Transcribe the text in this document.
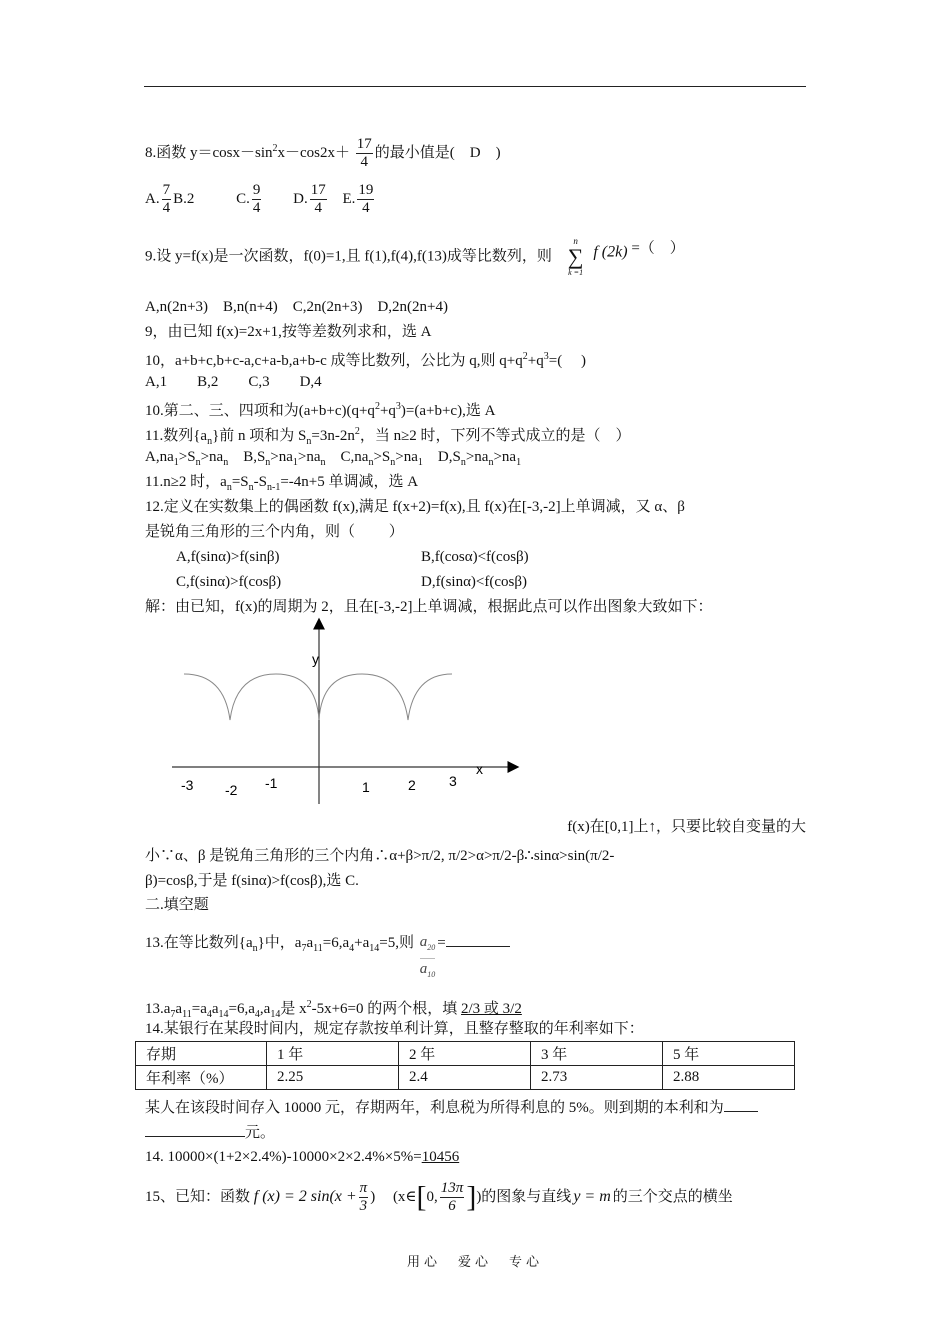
8.函数 $y=\cos x-\sin^2x-\cos 2x+ \frac{17}{4}$ 的最小值是(　D　)
A. $\frac{7}{4} B.2$	C. $\frac{9}{4} D$. $\frac{17}{4} E$. $\frac{19}{4}$
9.设 y=f(x)是一次函数，f(0)=1,且 f(1),f(4),f(13)成等比数列，则
n
∑
k =1
f (2k) =（　）
A,n(2n+3)　B,n(n+4)　C,2n(2n+3)　D,2n(2n+4)
9，由已知 f(x)=2x+1,按等差数列求和，选 A
10，a+b+c,b+c-a,c+a-b,a+b-c 成等比数列，公比为 q,则 $q+q^2+q^3=$(　 )
A,1　　B,2　　C,3　　D,4
10.第二、三、四项和为$(a+b+c)(q+q^2+q^3)=(a+b+c)$,选 A
11.数列$\{a_n\}$前 n 项和为 $S_n=3n-2n^2$，当 n≥2 时，下列不等式成立的是（　）
$A,na_1>S_n>na_n$　$B,S_n>na_1>na_n$　$C,na_n>S_n>na_1$　$D,S_n>na_n>na_1$
11.n≥2 时，$a_n=S_n-S_{n-1}=-4n+5$ 单调减，选 A
12.定义在实数集上的偶函数 f(x),满足 f(x+2)=f(x),且 f(x)在[-3,-2]上单调减，又 α、β
是锐角三角形的三个内角，则（　　 ）
A,f(sinα)>f(sinβ)	B,f(cosα)<f(cosβ)
C,f(sinα)>f(cosβ)	D,f(sinα)<f(cosβ)
解：由已知，f(x)的周期为 2，且在[-3,-2]上单调减，根据此点可以作出图象大致如下：
y
x
-3 -2 -1	1	2 3
f(x)在[0,1]上↑，只要比较自变量的大
小∵α、β 是锐角三角形的三个内角∴α+β>π/2, π/2>α>π/2-β∴sinα>sin(π/2-
β)=cosβ,于是 f(sinα)>f(cosβ),选 C.
二.填空题
13.在等比数列$\{a_n\}$中，$a_7a_{11}=6,a_4+a_{14}=5$,则 $\frac{a_{20}}{a_{10}}$ =
$13.a_7a_{11}=a_4a_{14}=6,a_4,a_{14}$是 $x^2-5x+6=0$ 的两个根，填 2/3 或 3/2
14.某银行在某段时间内，规定存款按单利计算，且整存整取的年利率如下：
存期	1 年	2 年	3 年	5 年
年利率（%）	2.25	2.4	2.73	2.88
某人在该段时间存入 10000 元，存期两年，利息税为所得利息的 5%。则到期的本利和为
元。
14. 10000×(1+2×2.4%)-10000×2×2.4%×5%=10456
15、已知：函数 f (x) = 2 $\sin(x + \frac{\pi}{3}$ ) (x∈[0, $\frac{13\pi}{6}$ ])的图象与直线 y = m 的三个交点的横坐
用心　爱心　专心
